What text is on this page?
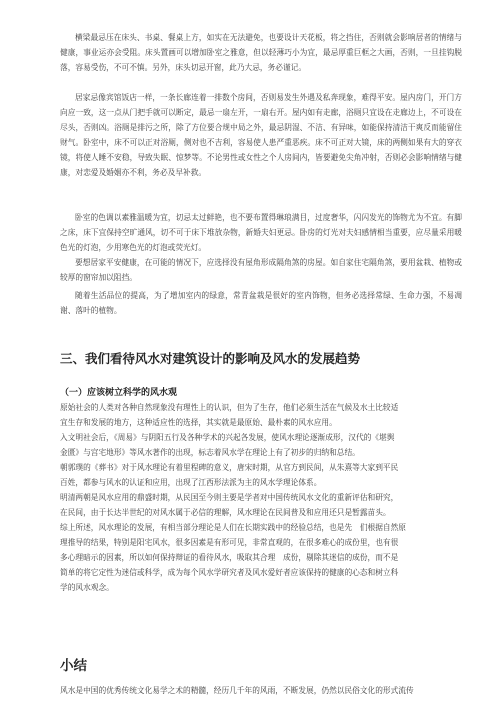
横梁最忌压在床头、书桌、餐桌上方，如实在无法避免，也要设计天花板，将之挡住，否则就会影响居者的情绪与健康，事业运亦会受阻。床头置画可以增加卧室之雅意，但以轻薄巧小为宜，最忌厚重巨框之大画，否则，一旦挂钩脱落，容易受伤，不可不慎。另外，床头切忌开窗，此乃大忌，务必谨记。

居家忌像宾馆饭店一样，一条长廊连着一排数个房间，否则易发生外遇及私奔现象，难得平安。屋内房门，开门方向应一致，这一点从门把手就可以断定，最忌一扇左开，一扇右开。屋内如有走廊，浴厕只宜设在走廊边上，不可设在尽头，否则凶。浴厕是排污之所，除了方位要合规中局之外，最忌阴湿、不洁、有异味，如能保持清洁干爽反而能留住财气。卧室中，床不可以正对浴厕，侧对也不吉利，容易使人患严重恶疾。床不可正对大镜，床的两侧如果有大的穿衣镜，将使人睡不安稳，导致失眠、惊梦等。不论男性或女性之个人房间内，皆要避免尖角冲射，否则必会影响情绪与健康，对恋爱及婚姻亦不利，务必及早补救。

卧室的色调以素雅温暖为宜，切忌太过鲜艳，也不要布置得琳琅满目，过度奢华，闪闪发光的饰物尤为不宜。有脚之床，床下宜保持空旷通风，切不可于床下堆放杂物，新婚夫妇更忌。卧房的灯光对夫妇感情相当重要，应尽量采用暖色光的灯泡，少用寒色光的灯泡或荧光灯。

要想居家平安健康，在可能的情况下，应选择没有屋角形成隔角煞的房屋。如自家住宅隔角煞，要用盆栽、植物或较厚的窗帘加以阻挡。

随着生活品位的提高，为了增加室内的绿意，常青盆栽是很好的室内饰物，但务必选择常绿、生命力强，不易凋谢、落叶的植物。

三、我们看待风水对建筑设计的影响及风水的发展趋势
（一）应该树立科学的风水观
原始社会的人类对各种自然现象没有理性上的认识，但为了生存，他们必须生活在气候及水土比较适
宜生存和发展的地方，这种适应性的选择，其实就是最原始、最朴素的风水应用。
入文明社会后，《周易》与阴阳五行及各种学术的兴起各发展，使风水理论逐渐成形，汉代的《堪舆
金匮》与宫宅地形》等风水著作的出现，标志着风水学在理论上有了初步的归纳和总结。
朝郭璞的《葬书》对于风水理论有着里程碑的意义，唐宋时期，从官方到民间，从朱熹等大家到平民
百姓，都参与风水的认证和应用，出现了江西形法派为主的风水学理论体系。
明清两朝是风水应用的鼎盛时期，从民国至今则主要是学者对中国传统风水文化的重新评估和研究，
在民间，由于长达半世纪的对风水属于必信的理解，风水理论在民间普及和应用还只是暂露苗头。
综上所述，风水理论的发展，有相当部分理论是人们在长期实践中的经验总结，也是先　们根据自然原
理推导的结果，特别是阳宅风水，很多因素是有形可见，非常直观的，在很多难心的成份里，也有很
多心理暗示的因素，所以如何保持辩证的看待风水，吸取其合理　成份，剔除其迷信的成份，而不是
简单的将它定性为迷信或科学，成为每个风水学研究者及风水爱好者应该保持的健康的心态和树立科
学的风水观念。
小结
风水是中国的优秀传统文化易学之术的精髓，经历几千年的风雨，不断发展，仍然以民俗文化的形式流传
